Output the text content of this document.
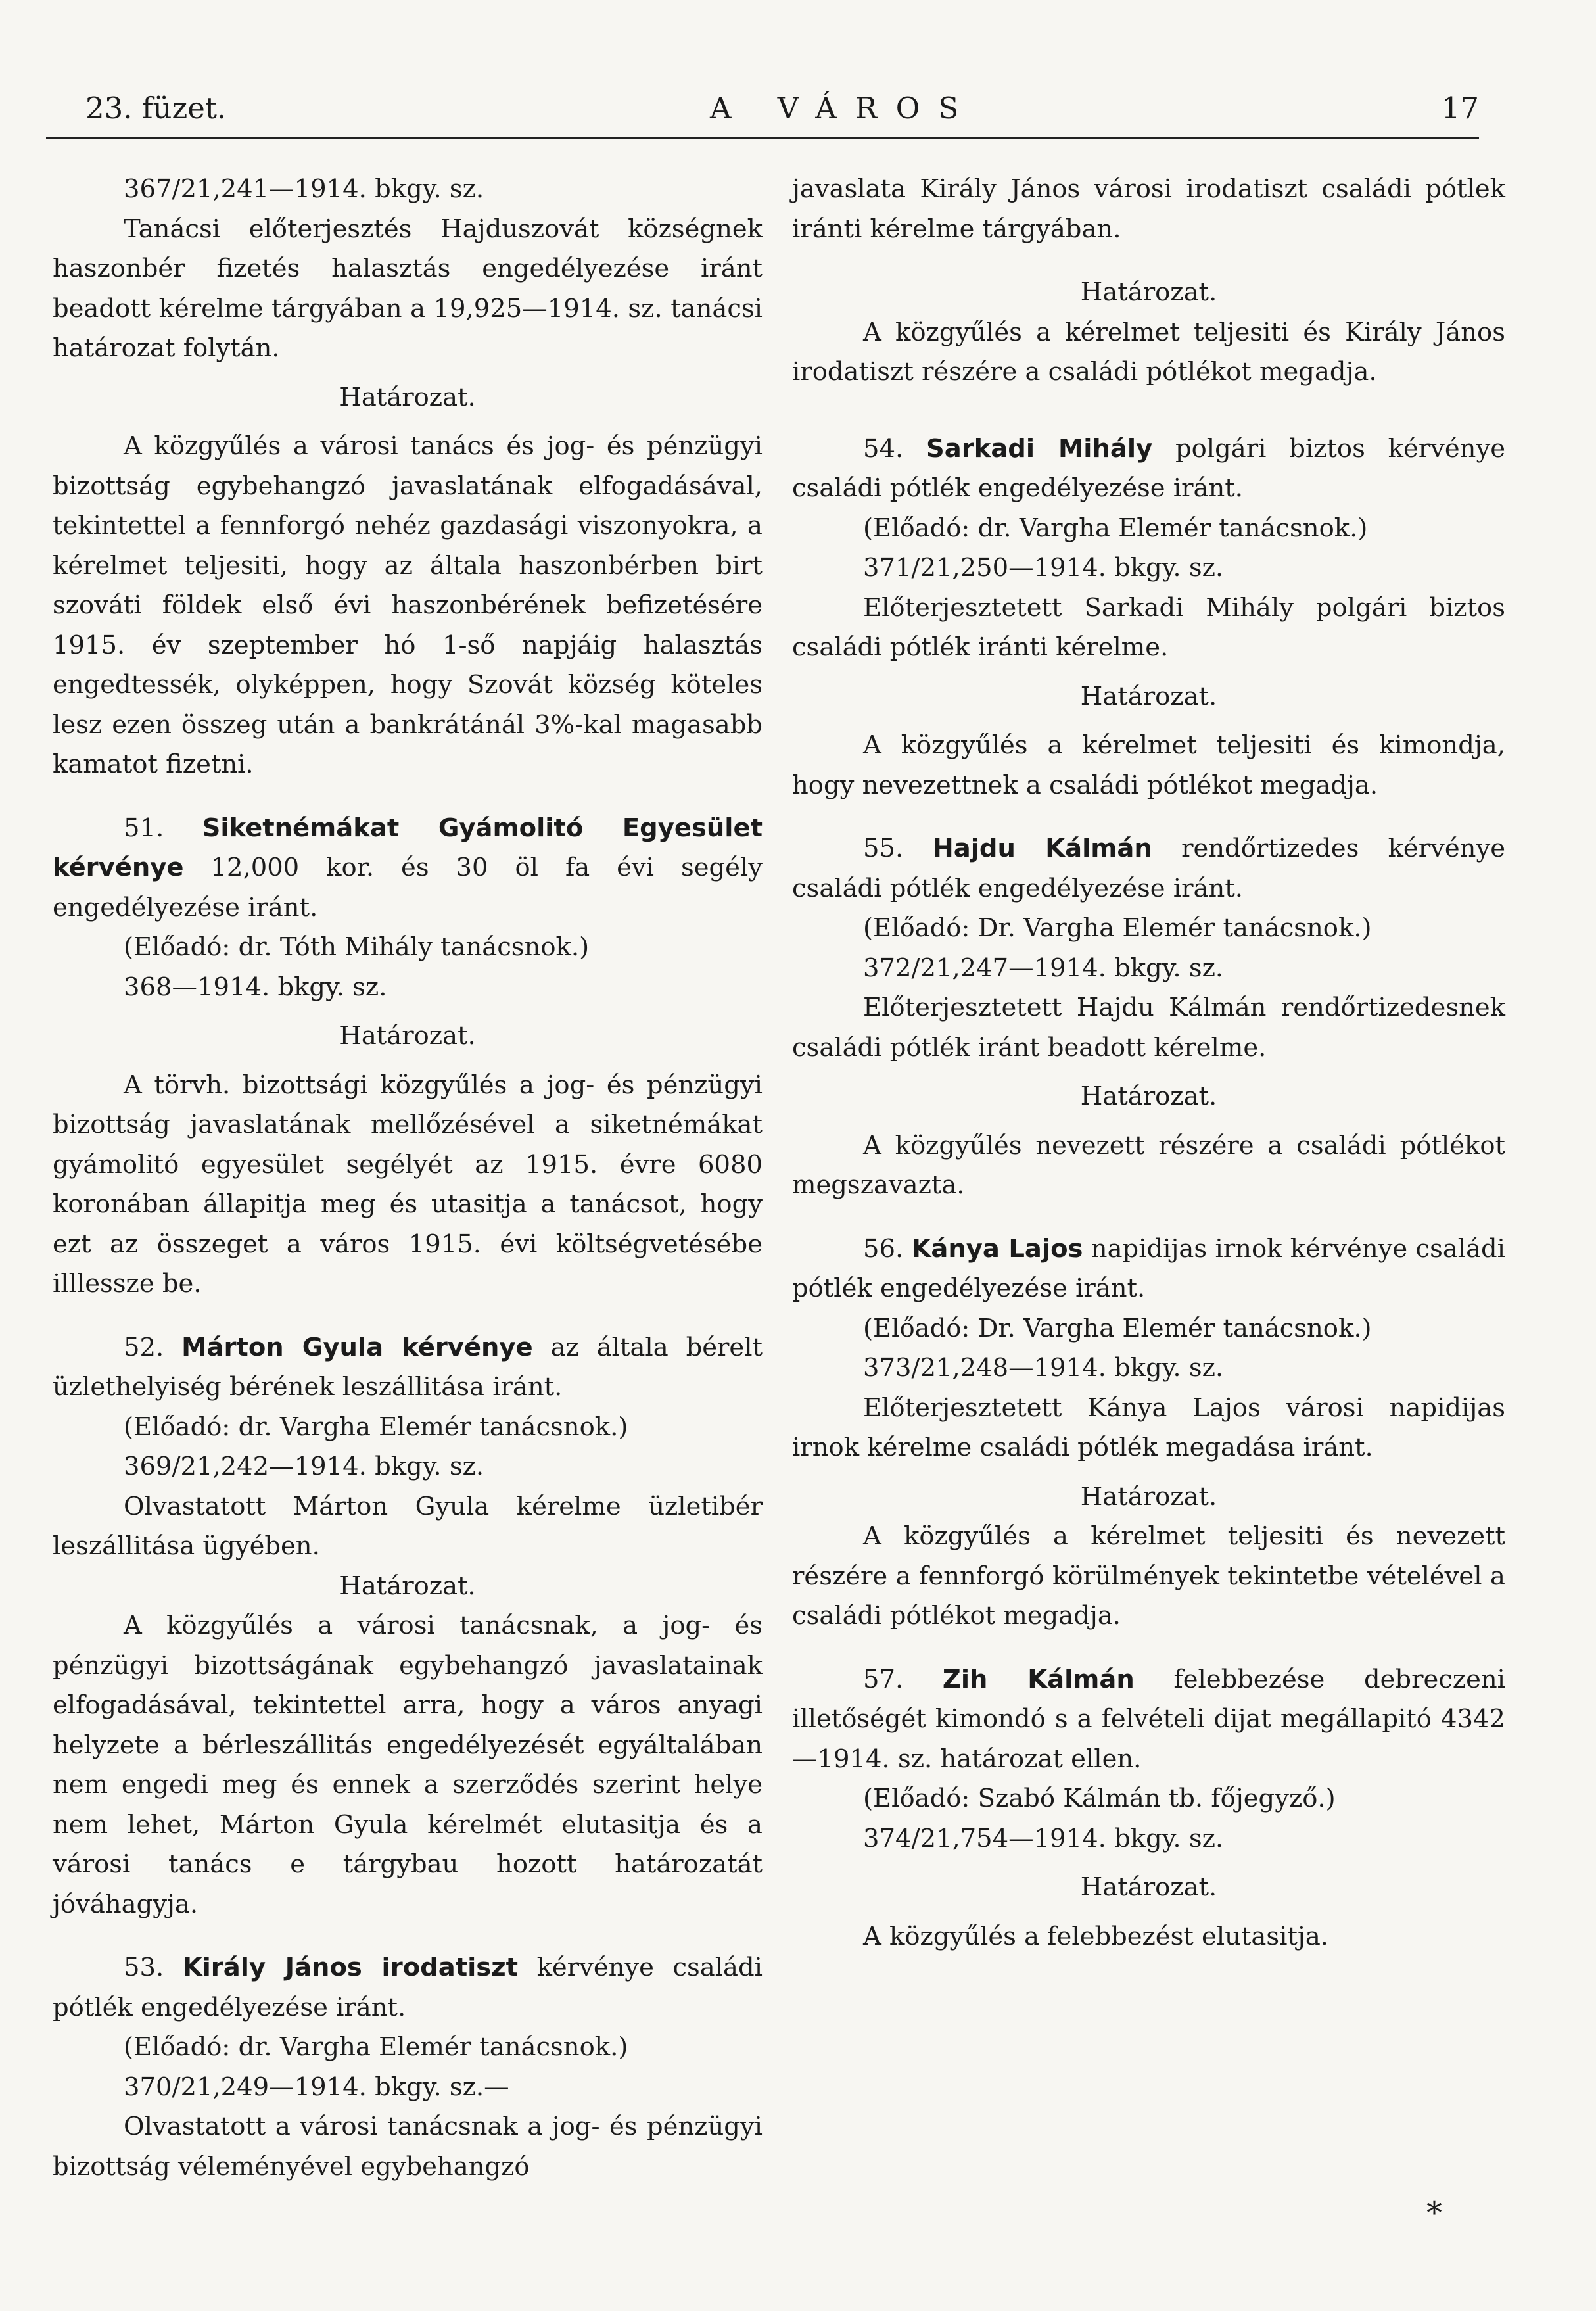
23. füzet.	A VÁROS	17

367/21,241—1914. bkgy. sz.

Tanácsi előterjesztés Hajduszovát községnek haszonbér fizetés halasztás engedélyezése iránt beadott kérelme tárgyában a 19,925—1914. sz. tanácsi határozat folytán.

Határozat.

A közgyűlés a városi tanács és jog- és pénzügyi bizottság egybehangzó javaslatának elfogadásával, tekintettel a fennforgó nehéz gazdasági viszonyokra, a kérelmet teljesiti, hogy az általa haszonbérben birt szováti földek első évi haszonbérének befizetésére 1915. év szeptember hó 1-ső napjáig halasztás engedtessék, olyképpen, hogy Szovát község köteles lesz ezen összeg után a bankrátánál 3%-kal magasabb kamatot fizetni.

51. Siketnémákat Gyámolitó Egyesület kérvénye 12,000 kor. és 30 öl fa évi segély engedélyezése iránt.

(Előadó: dr. Tóth Mihály tanácsnok.)

368—1914. bkgy. sz.

Határozat.

A törvh. bizottsági közgyűlés a jog- és pénzügyi bizottság javaslatának mellőzésével a siketnémákat gyámolitó egyesület segélyét az 1915. évre 6080 koronában állapitja meg és utasitja a tanácsot, hogy ezt az összeget a város 1915. évi költségvetésébe illlessze be.

52. Márton Gyula kérvénye az általa bérelt üzlethelyiség bérének leszállitása iránt.

(Előadó: dr. Vargha Elemér tanácsnok.)

369/21,242—1914. bkgy. sz.

Olvastatott Márton Gyula kérelme üzletibér leszállitása ügyében.

Határozat.

A közgyűlés a városi tanácsnak, a jog- és pénzügyi bizottságának egybehangzó javaslatainak elfogadásával, tekintettel arra, hogy a város anyagi helyzete a bérleszállitás engedélyezését egyáltalában nem engedi meg és ennek a szerződés szerint helye nem lehet, Márton Gyula kérelmét elutasitja és a városi tanács e tárgybau hozott határozatát jóváhagyja.

53. Király János irodatiszt kérvénye családi pótlék engedélyezése iránt.

(Előadó: dr. Vargha Elemér tanácsnok.)

370/21,249—1914. bkgy. sz.—

Olvastatott a városi tanácsnak a jog- és pénzügyi bizottság véleményével egybehangzó

javaslata Király János városi irodatiszt családi pótlek iránti kérelme tárgyában.

Határozat.

A közgyűlés a kérelmet teljesiti és Király János irodatiszt részére a családi pótlékot megadja.

54. Sarkadi Mihály polgári biztos kérvénye családi pótlék engedélyezése iránt.

(Előadó: dr. Vargha Elemér tanácsnok.)

371/21,250—1914. bkgy. sz.

Előterjesztetett Sarkadi Mihály polgári biztos családi pótlék iránti kérelme.

Határozat.

A közgyűlés a kérelmet teljesiti és kimondja, hogy nevezettnek a családi pótlékot megadja.

55. Hajdu Kálmán rendőrtizedes kérvénye családi pótlék engedélyezése iránt.

(Előadó: Dr. Vargha Elemér tanácsnok.)

372/21,247—1914. bkgy. sz.

Előterjesztetett Hajdu Kálmán rendőrtizedesnek családi pótlék iránt beadott kérelme.

Határozat.

A közgyűlés nevezett részére a családi pótlékot megszavazta.

56. Kánya Lajos napidijas irnok kérvénye családi pótlék engedélyezése iránt.

(Előadó: Dr. Vargha Elemér tanácsnok.)

373/21,248—1914. bkgy. sz.

Előterjesztetett Kánya Lajos városi napidijas irnok kérelme családi pótlék megadása iránt.

Határozat.

A közgyűlés a kérelmet teljesiti és nevezett részére a fennforgó körülmények tekintetbe vételével a családi pótlékot megadja.

57. Zih Kálmán felebbezése debreczeni illetőségét kimondó s a felvételi dijat megállapitó 4342—1914. sz. határozat ellen.

(Előadó: Szabó Kálmán tb. főjegyző.)

374/21,754—1914. bkgy. sz.

Határozat.

A közgyűlés a felebbezést elutasitja.

*
